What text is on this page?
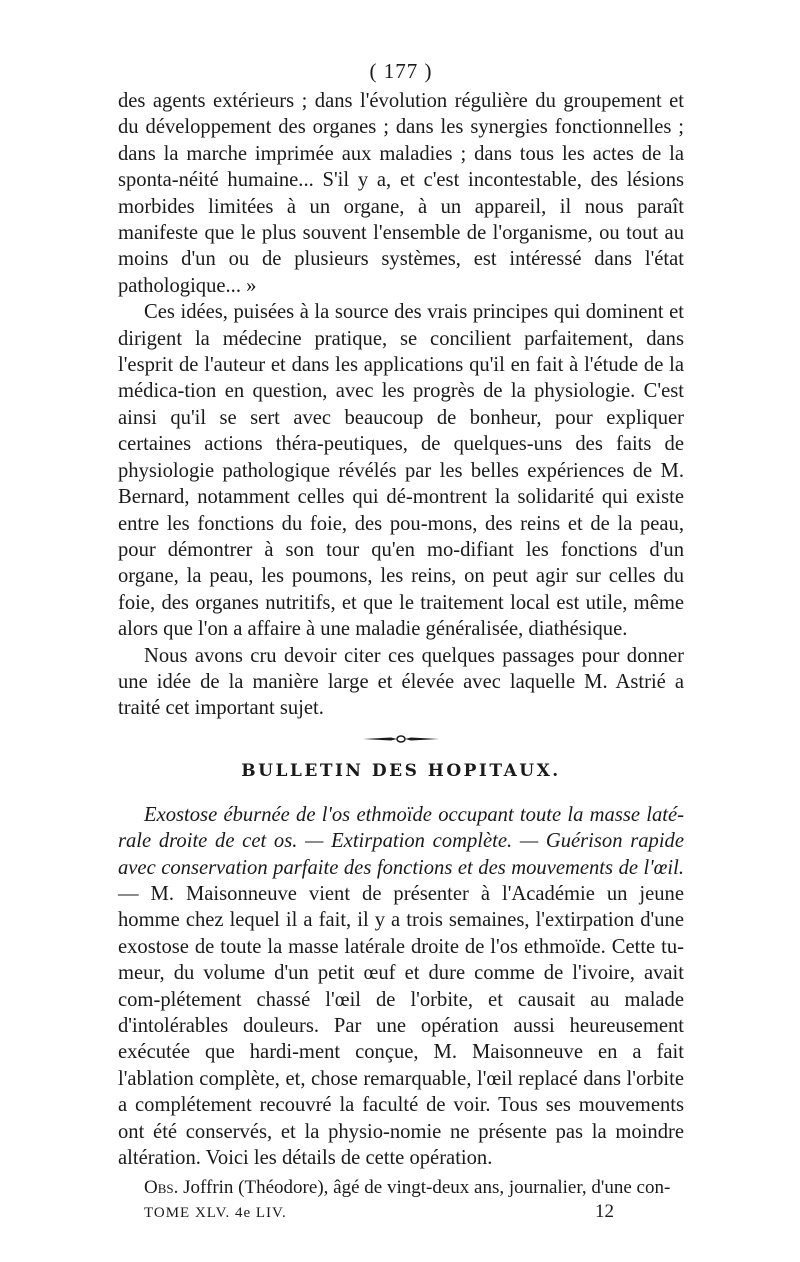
( 177 )

des agents extérieurs ; dans l'évolution régulière du groupement et du développement des organes ; dans les synergies fonctionnelles ; dans la marche imprimée aux maladies ; dans tous les actes de la sponta-néité humaine... S'il y a, et c'est incontestable, des lésions morbides limitées à un organe, à un appareil, il nous paraît manifeste que le plus souvent l'ensemble de l'organisme, ou tout au moins d'un ou de plusieurs systèmes, est intéressé dans l'état pathologique... »

Ces idées, puisées à la source des vrais principes qui dominent et dirigent la médecine pratique, se concilient parfaitement, dans l'esprit de l'auteur et dans les applications qu'il en fait à l'étude de la médica-tion en question, avec les progrès de la physiologie. C'est ainsi qu'il se sert avec beaucoup de bonheur, pour expliquer certaines actions théra-peutiques, de quelques-uns des faits de physiologie pathologique révélés par les belles expériences de M. Bernard, notamment celles qui dé-montrent la solidarité qui existe entre les fonctions du foie, des pou-mons, des reins et de la peau, pour démontrer à son tour qu'en mo-difiant les fonctions d'un organe, la peau, les poumons, les reins, on peut agir sur celles du foie, des organes nutritifs, et que le traitement local est utile, même alors que l'on a affaire à une maladie généralisée, diathésique.

Nous avons cru devoir citer ces quelques passages pour donner une idée de la manière large et élevée avec laquelle M. Astrié a traité cet important sujet.

BULLETIN DES HOPITAUX.

Exostose éburnée de l'os ethmoïde occupant toute la masse laté-rale droite de cet os. — Extirpation complète. — Guérison rapide avec conservation parfaite des fonctions et des mouvements de l'œil. — M. Maisonneuve vient de présenter à l'Académie un jeune homme chez lequel il a fait, il y a trois semaines, l'extirpation d'une exostose de toute la masse latérale droite de l'os ethmoïde. Cette tu-meur, du volume d'un petit œuf et dure comme de l'ivoire, avait com-plétement chassé l'œil de l'orbite, et causait au malade d'intolérables douleurs. Par une opération aussi heureusement exécutée que hardi-ment conçue, M. Maisonneuve en a fait l'ablation complète, et, chose remarquable, l'œil replacé dans l'orbite a complétement recouvré la faculté de voir. Tous ses mouvements ont été conservés, et la physio-nomie ne présente pas la moindre altération. Voici les détails de cette opération.

Obs. Joffrin (Théodore), âgé de vingt-deux ans, journalier, d'une con-

TOME XLV. 4e LIV.	12
